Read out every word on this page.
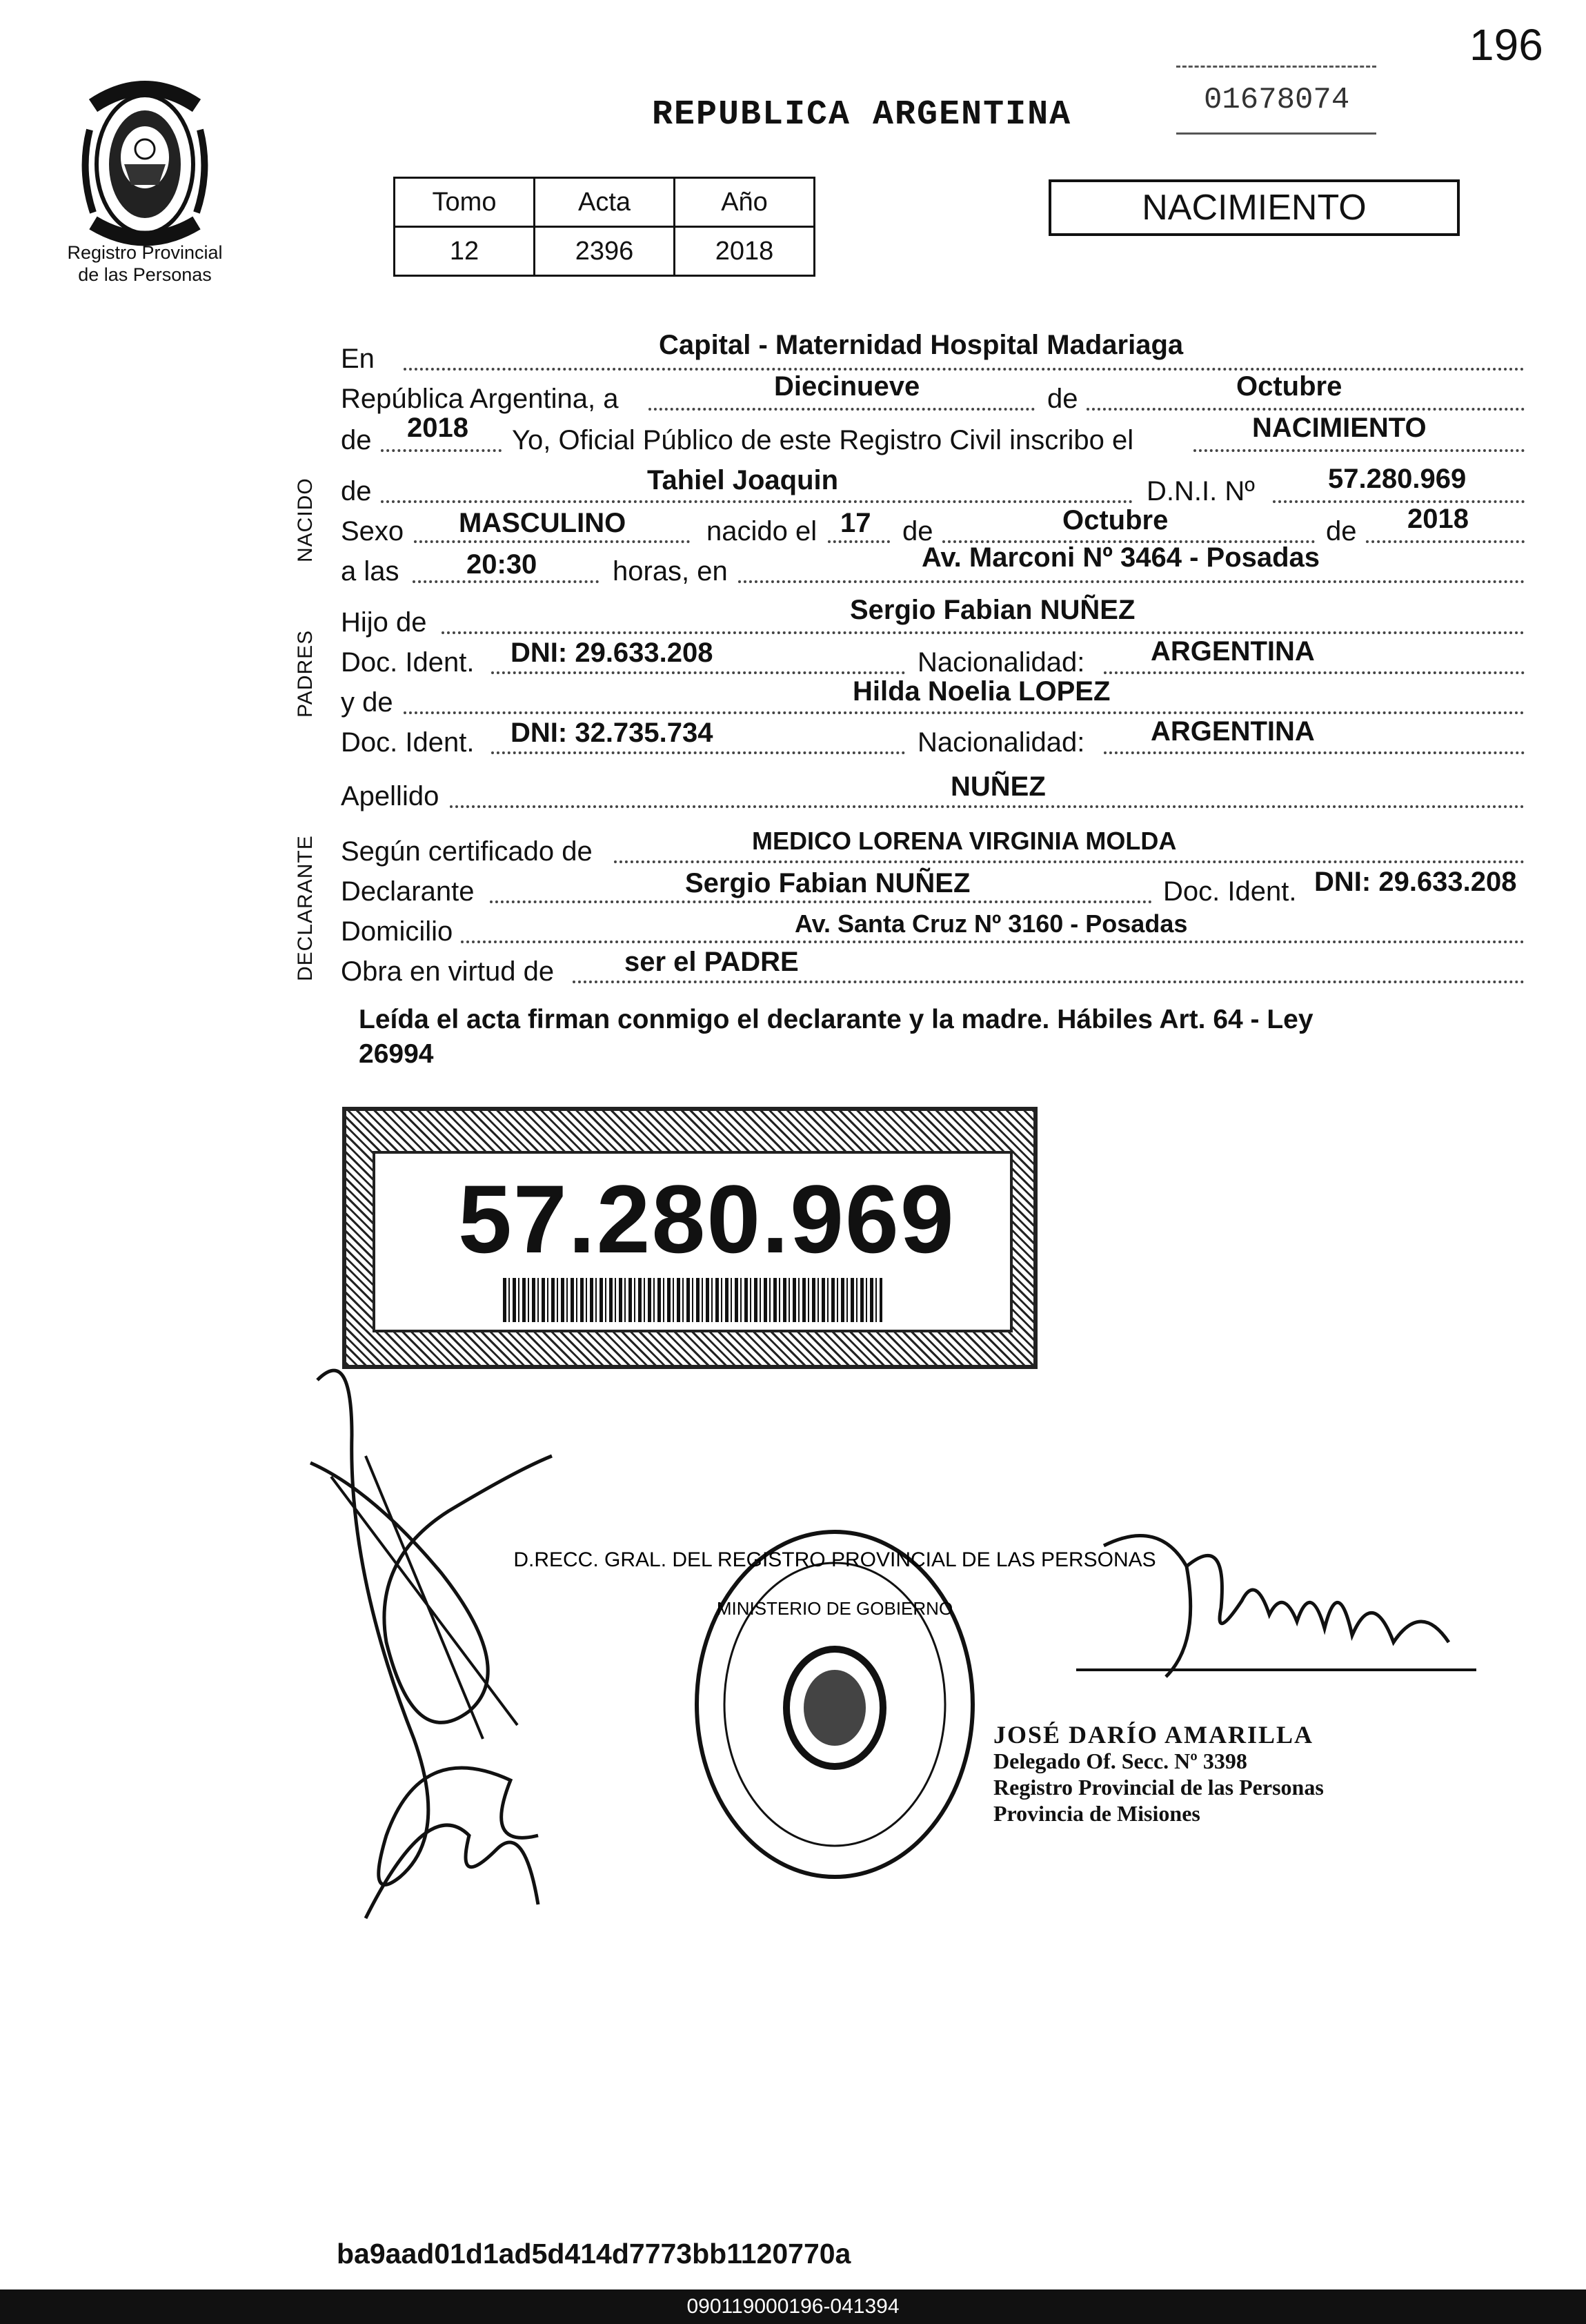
196
REPUBLICA ARGENTINA	01678074
Registro Provincial
de las Personas
Tomo	Acta	Año
12	2396	2018
NACIMIENTO
NACIDO
PADRES
DECLARANTE
En	Capital - Maternidad Hospital Madariaga
República Argentina, a	Diecinueve	de	Octubre
de 2018 Yo, Oficial Público de este Registro Civil inscribo el	NACIMIENTO
de	Tahiel Joaquin	D.N.I. Nº	57.280.969
Sexo MASCULINO	nacido el 17 de	Octubre	de 2018
a las 20:30	horas, en	Av. Marconi Nº 3464 - Posadas
Hijo de	Sergio Fabian NUÑEZ
Doc. Ident. DNI: 29.633.208	Nacionalidad: ARGENTINA
y de	Hilda Noelia LOPEZ
Doc. Ident. DNI: 32.735.734	Nacionalidad: ARGENTINA
Apellido	NUÑEZ
Según certificado de	MEDICO LORENA VIRGINIA MOLDA
Declarante	Sergio Fabian NUÑEZ	Doc. Ident. DNI: 29.633.208
Domicilio	Av. Santa Cruz Nº 3160 - Posadas
Obra en virtud de	ser el PADRE
Leída el acta firman conmigo el declarante y la madre. Hábiles Art. 64 - Ley
26994
57.280.969
D.RECC. GRAL. DEL REGISTRO PROVINCIAL DE LAS PERSONAS
MINISTERIO DE GOBIERNO
JOSÉ DARÍO AMARILLA
Delegado Of. Secc. Nº 3398
Registro Provincial de las Personas
Provincia de Misiones
ba9aad01d1ad5d414d7773bb1120770a
090119000196-041394
